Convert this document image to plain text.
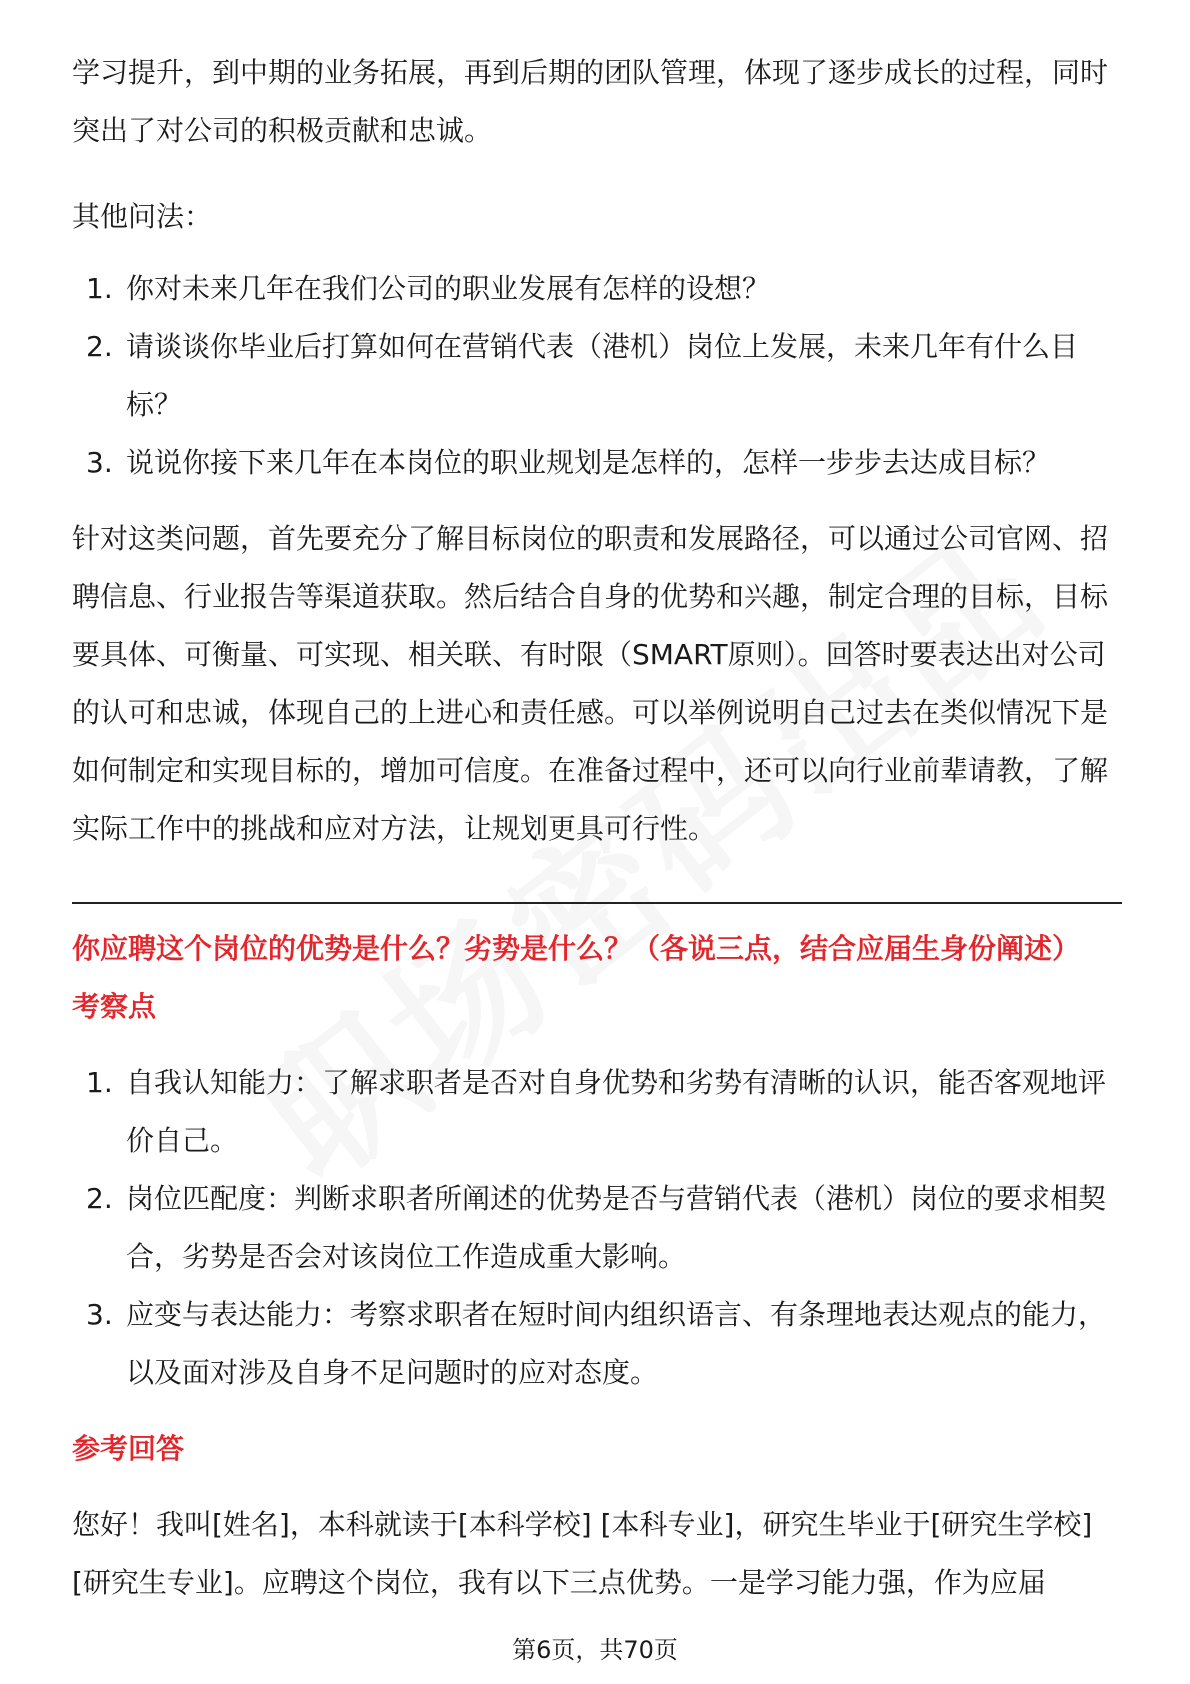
学习提升，到中期的业务拓展，再到后期的团队管理，体现了逐步成长的过程，同时突出了对公司的积极贡献和忠诚。

其他问法：

1. 你对未来几年在我们公司的职业发展有怎样的设想？
2. 请谈谈你毕业后打算如何在营销代表（港机）岗位上发展，未来几年有什么目标？
3. 说说你接下来几年在本岗位的职业规划是怎样的，怎样一步步去达成目标？

针对这类问题，首先要充分了解目标岗位的职责和发展路径，可以通过公司官网、招聘信息、行业报告等渠道获取。然后结合自身的优势和兴趣，制定合理的目标，目标要具体、可衡量、可实现、相关联、有时限（SMART原则）。回答时要表达出对公司的认可和忠诚，体现自己的上进心和责任感。可以举例说明自己过去在类似情况下是如何制定和实现目标的，增加可信度。在准备过程中，还可以向行业前辈请教，了解实际工作中的挑战和应对方法，让规划更具可行性。

你应聘这个岗位的优势是什么？劣势是什么？（各说三点，结合应届生身份阐述）

考察点

1. 自我认知能力：了解求职者是否对自身优势和劣势有清晰的认识，能否客观地评价自己。
2. 岗位匹配度：判断求职者所阐述的优势是否与营销代表（港机）岗位的要求相契合，劣势是否会对该岗位工作造成重大影响。
3. 应变与表达能力：考察求职者在短时间内组织语言、有条理地表达观点的能力，以及面对涉及自身不足问题时的应对态度。

参考回答

您好！我叫[姓名]，本科就读于[本科学校] [本科专业]，研究生毕业于[研究生学校] [研究生专业]。应聘这个岗位，我有以下三点优势。一是学习能力强，作为应届

第6页，共70页
